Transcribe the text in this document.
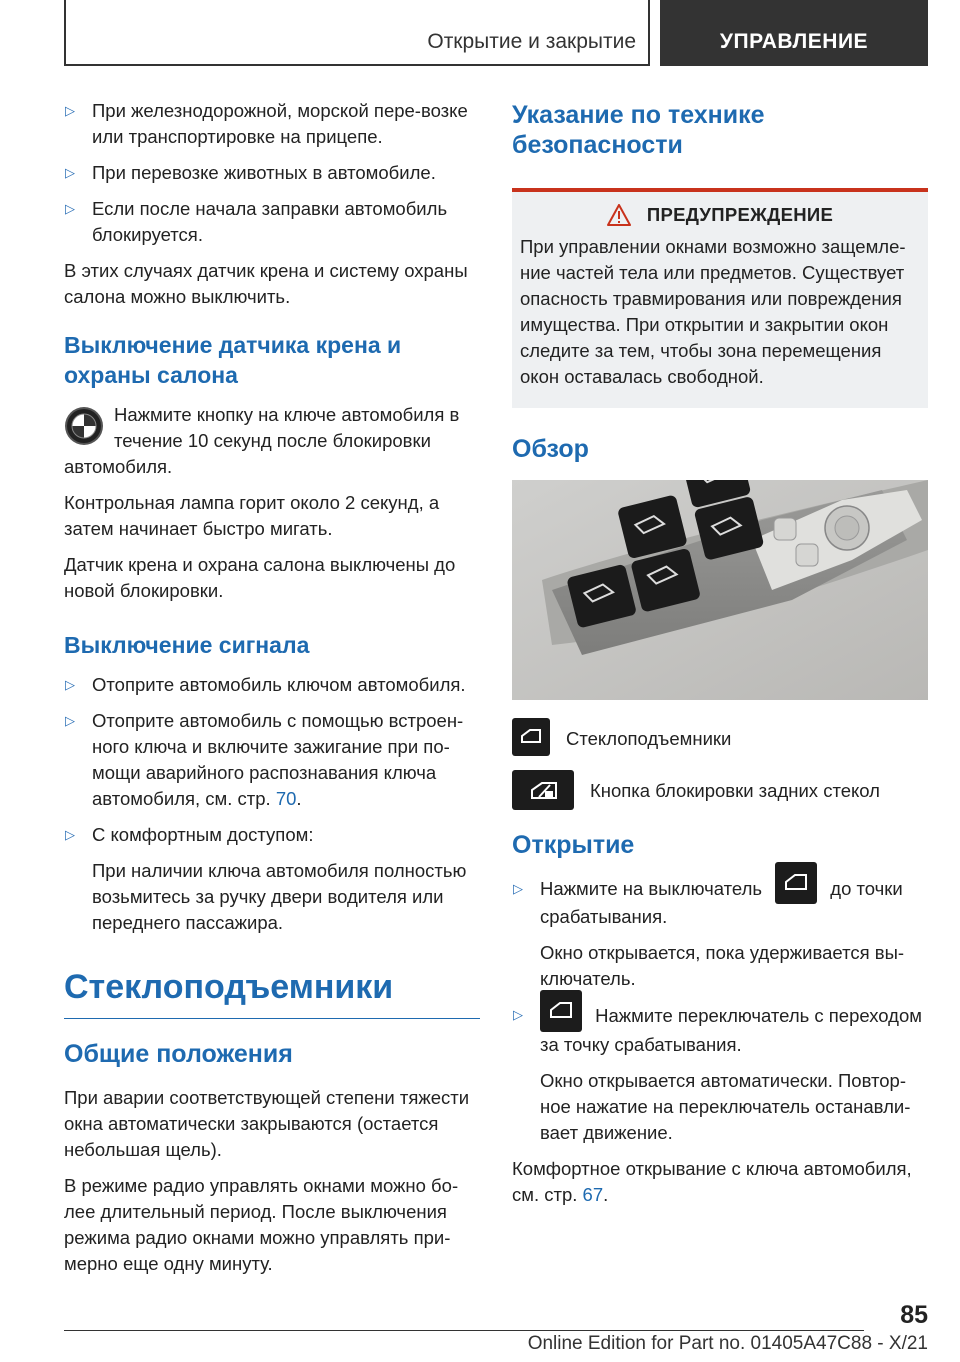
Открытие и закрытие	УПРАВЛЕНИЕ
▷ При железнодорожной, морской пере-возке или транспортировке на прицепе.
▷ При перевозке животных в автомобиле.
▷ Если после начала заправки автомобиль блокируется.
В этих случаях датчик крена и систему охраны салона можно выключить.
Выключение датчика крена и охраны салона
Нажмите кнопку на ключе автомобиля в течение 10 секунд после блокировки автомобиля.
Контрольная лампа горит около 2 секунд, а затем начинает быстро мигать.
Датчик крена и охрана салона выключены до новой блокировки.
Выключение сигнала
▷ Отоприте автомобиль ключом автомобиля.
▷ Отоприте автомобиль с помощью встроен-ного ключа и включите зажигание при по-мощи аварийного распознавания ключа автомобиля, см. стр. 70.
▷ С комфортным доступом:
При наличии ключа автомобиля полностью возьмитесь за ручку двери водителя или переднего пассажира.
Стеклоподъемники
Общие положения
При аварии соответствующей степени тяжести окна автоматически закрываются (остается небольшая щель).
В режиме радио управлять окнами можно бо-лее длительный период. После выключения режима радио окнами можно управлять при-мерно еще одну минуту.
Указание по технике безопасности
ПРЕДУПРЕЖДЕНИЕ
При управлении окнами возможно защемле-ние частей тела или предметов. Существует опасность травмирования или повреждения имущества. При открытии и закрытии окон следите за тем, чтобы зона перемещения окон оставалась свободной.
Обзор
Стеклоподъемники
Кнопка блокировки задних стекол
Открытие
▷ Нажмите на выключатель	до точки срабатывания.
Окно открывается, пока удерживается вы-ключатель.
▷	Нажмите переключатель с переходом за точку срабатывания.
Окно открывается автоматически. Повтор-ное нажатие на переключатель останавли-вает движение.
Комфортное открывание с ключа автомобиля, см. стр. 67.
85
Online Edition for Part no. 01405A47C88 - X/21
